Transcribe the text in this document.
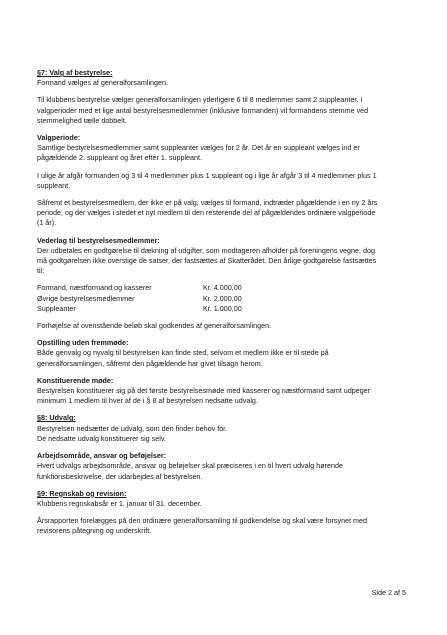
§7: Valg af bestyrelse:
Formand vælges af generalforsamlingen.
Til klubbens bestyrelse vælger generalforsamlingen yderligere 6 til 8 medlemmer samt 2 suppleanter. I
valgperioder med et lige antal bestyrelsesmedlemmer (inklusive formanden) vil formandens stemme ved
stemmelighed tælle dobbelt.
Valgperiode:
Samtlige bestyrelsesmedlemmer samt suppleanter vælges for 2 år. Det år en suppleant vælges ind er
pågældende 2. suppleant og året efter 1. suppleant.
I ulige år afgår formanden og 3 til 4 medlemmer plus 1 suppleant og i lige år afgår 3 til 4 medlemmer plus 1
suppleant.
Såfremt et bestyrelsesmedlem, der ikke er på valg, vælges til formand, indtræder pågældende i en ny 2 års
periode, og der vælges i stedet et nyt medlem til den resterende del af pågældendes ordinære valgperiode
(1 år).
Vederlag til bestyrelsesmedlemmer:
Der udbetales en godtgørelse til dækning af udgifter, som modtageren afholder på foreningens vegne, dog
må godtgørelsen ikke overstige de satser, der fastsættes af Skatterådet. Den årlige godtgørelse fastsættes
til:
Formand, næstformand og kasserer	Kr. 4.000,00
Øvrige bestyrelsesmedlemmer	Kr. 2.000,00
Suppleanter	Kr. 1.000,00
Forhøjelse af ovenstående beløb skal godkendes af generalforsamlingen.
Opstilling uden fremmøde:
Både genvalg og nyvalg til bestyrelsen kan finde sted, selvom et medlem ikke er til stede på
generalforsamlingen, såfremt den pågældende har givet tilsagn herom.
Konstituerende møde:
Bestyrelsen konstituerer sig på det første bestyrelsesmøde med kasserer og næstformand samt udpeger
minimum 1 medlem til hver af de i § 8 af bestyrelsen nedsatte udvalg.
§8: Udvalg:
Bestyrelsen nedsætter de udvalg, som den finder behov for.
De nedsatte udvalg konstituerer sig selv.
Arbejdsområde, ansvar og beføjelser:
Hvert udvalgs arbejdsområde, ansvar og beføjelser skal præciseres i en til hvert udvalg hørende
funktionsbeskrivelse, der udarbejdes af bestyrelsen.
§9: Regnskab og revision:
Klubbens regnskabsår er 1. januar til 31. december.
Årsrapporten forelægges på den ordinære generalforsamling til godkendelse og skal være forsynet med
revisorens påtegning og underskrift.
Side 2 af 5
